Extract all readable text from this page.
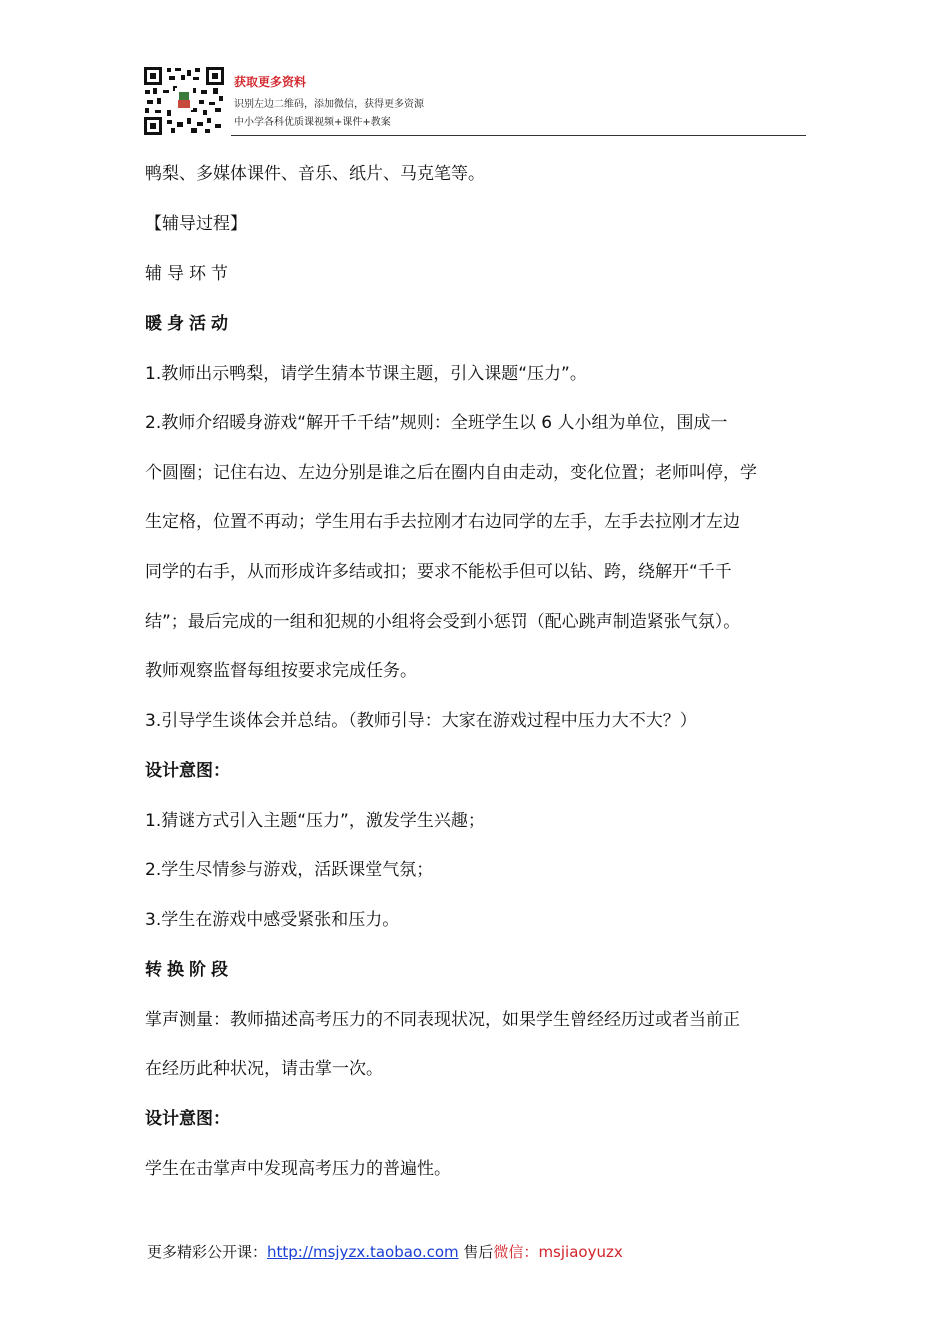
获取更多资料
识别左边二维码，添加微信，获得更多资源
中小学各科优质课视频+课件+教案
鸭梨、多媒体课件、音乐、纸片、马克笔等。
【辅导过程】
辅导环节
暖身活动
1.教师出示鸭梨，请学生猜本节课主题，引入课题“压力”。
2.教师介绍暖身游戏“解开千千结”规则：全班学生以 6 人小组为单位，围成一
个圆圈；记住右边、左边分别是谁之后在圈内自由走动，变化位置；老师叫停，学
生定格，位置不再动；学生用右手去拉刚才右边同学的左手，左手去拉刚才左边
同学的右手，从而形成许多结或扣；要求不能松手但可以钻、跨，绕解开“千千
结”；最后完成的一组和犯规的小组将会受到小惩罚（配心跳声制造紧张气氛）。
教师观察监督每组按要求完成任务。
3.引导学生谈体会并总结。（教师引导：大家在游戏过程中压力大不大？）
设计意图：
1.猜谜方式引入主题“压力”，激发学生兴趣；
2.学生尽情参与游戏，活跃课堂气氛；
3.学生在游戏中感受紧张和压力。
转换阶段
掌声测量：教师描述高考压力的不同表现状况，如果学生曾经经历过或者当前正
在经历此种状况，请击掌一次。
设计意图：
学生在击掌声中发现高考压力的普遍性。
更多精彩公开课：http://msjyzx.taobao.com 售后微信：msjiaoyuzx
